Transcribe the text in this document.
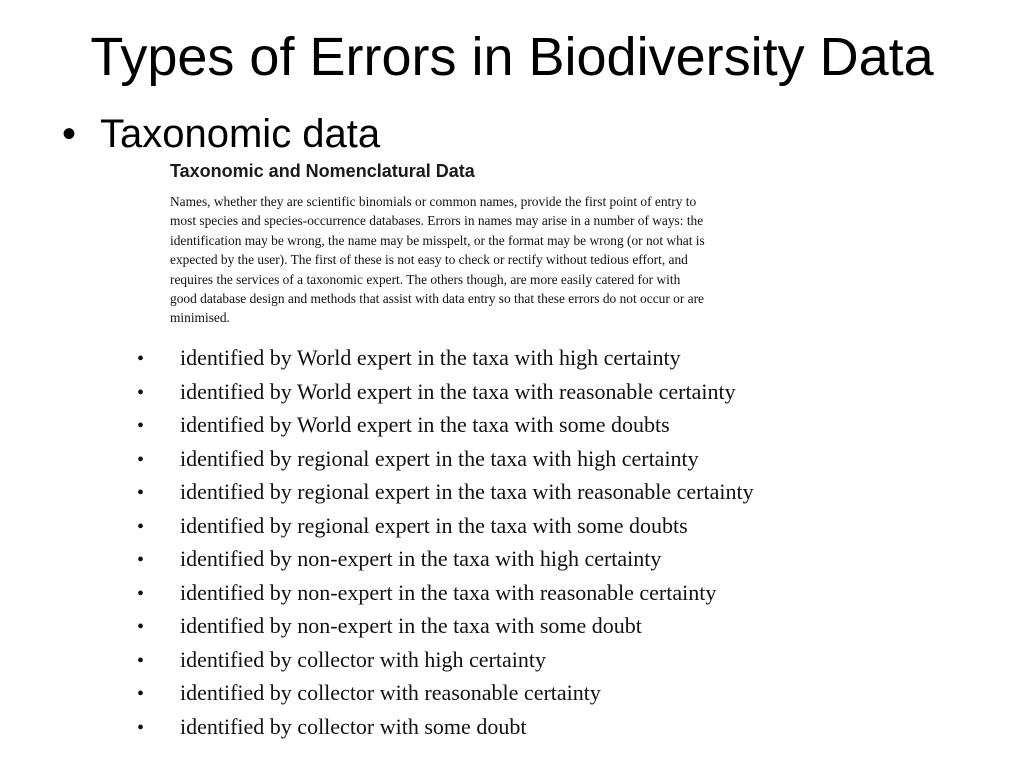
Types of Errors in Biodiversity Data
• Taxonomic data
Taxonomic and Nomenclatural Data

Names, whether they are scientific binomials or common names, provide the first point of entry to
most species and species-occurrence databases. Errors in names may arise in a number of ways: the
identification may be wrong, the name may be misspelt, or the format may be wrong (or not what is
expected by the user). The first of these is not easy to check or rectify without tedious effort, and
requires the services of a taxonomic expert. The others though, are more easily catered for with
good database design and methods that assist with data entry so that these errors do not occur or are
minimised.

• identified by World expert in the taxa with high certainty
• identified by World expert in the taxa with reasonable certainty
• identified by World expert in the taxa with some doubts
• identified by regional expert in the taxa with high certainty
• identified by regional expert in the taxa with reasonable certainty
• identified by regional expert in the taxa with some doubts
• identified by non-expert in the taxa with high certainty
• identified by non-expert in the taxa with reasonable certainty
• identified by non-expert in the taxa with some doubt
• identified by collector with high certainty
• identified by collector with reasonable certainty
• identified by collector with some doubt
